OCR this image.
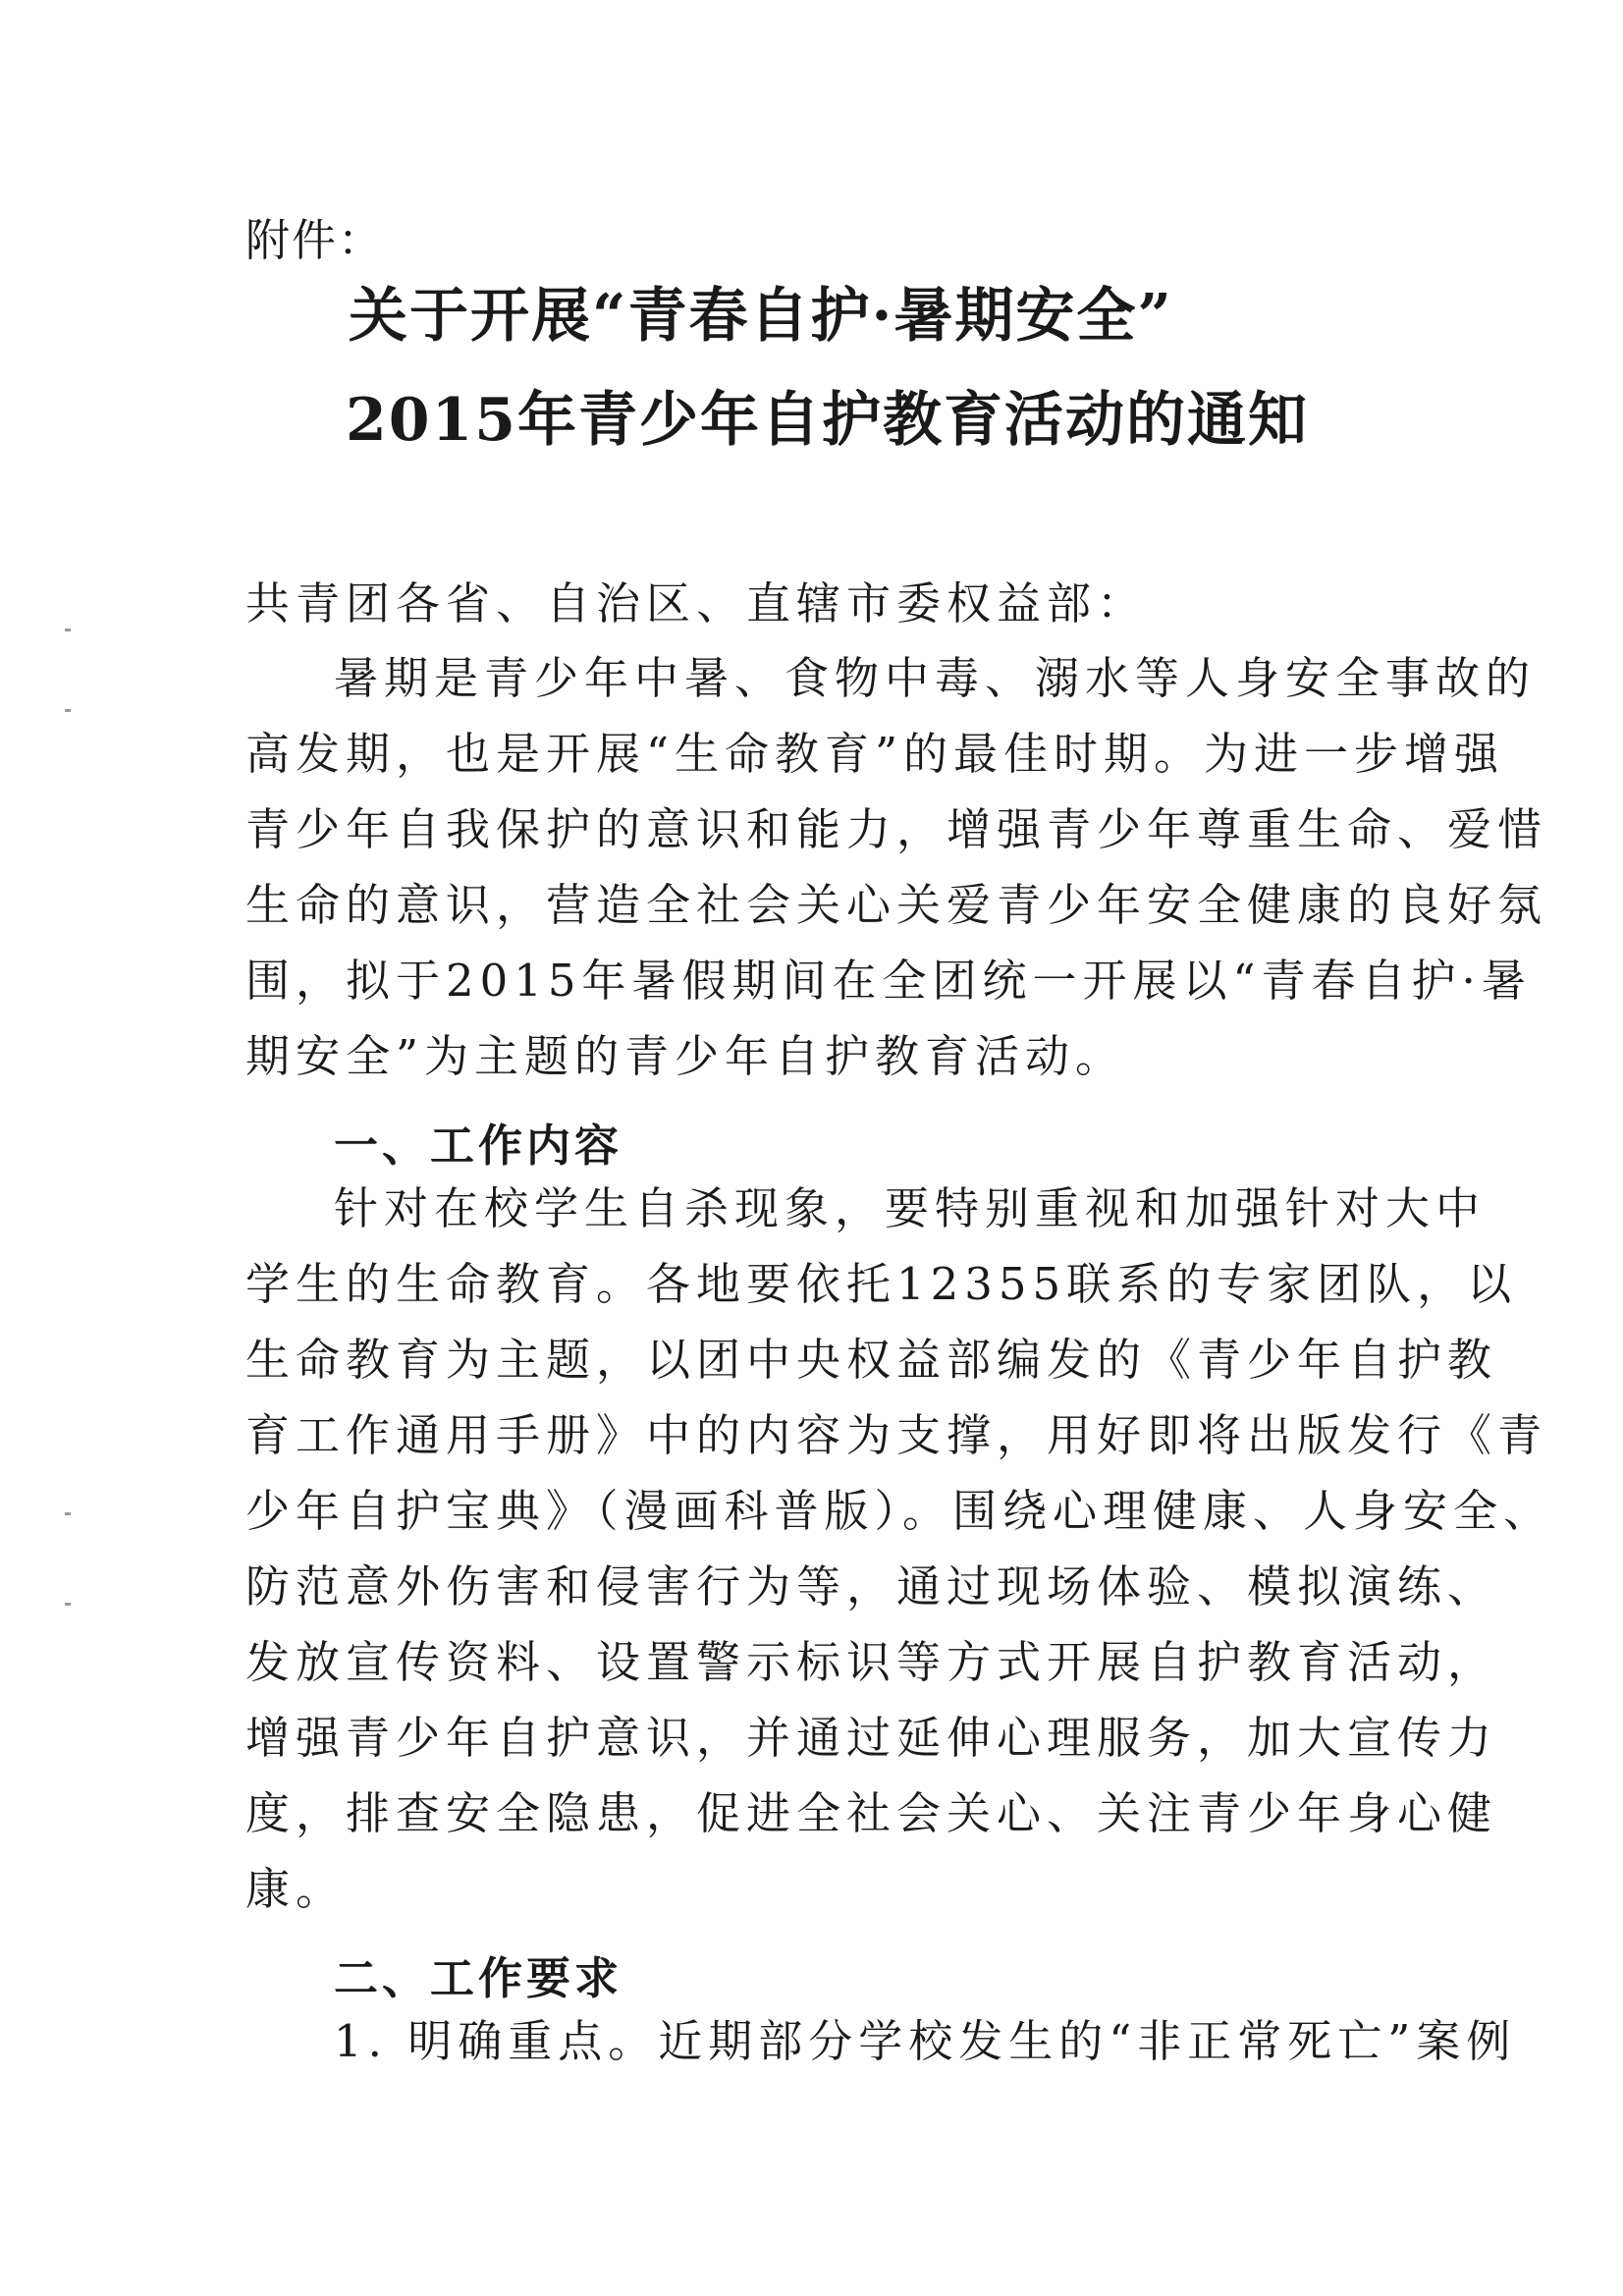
附件：

关于开展“青春自护·暑期安全”
2015年青少年自护教育活动的通知

共青团各省、自治区、直辖市委权益部：

暑期是青少年中暑、食物中毒、溺水等人身安全事故的

高发期，也是开展“生命教育”的最佳时期。为进一步增强

青少年自我保护的意识和能力，增强青少年尊重生命、爱惜

生命的意识，营造全社会关心关爱青少年安全健康的良好氛

围，拟于2015年暑假期间在全团统一开展以“青春自护·暑

期安全”为主题的青少年自护教育活动。

一、工作内容

针对在校学生自杀现象，要特别重视和加强针对大中

学生的生命教育。各地要依托12355联系的专家团队，以

生命教育为主题，以团中央权益部编发的《青少年自护教

育工作通用手册》中的内容为支撑，用好即将出版发行《青

少年自护宝典》（漫画科普版）。围绕心理健康、人身安全、

防范意外伤害和侵害行为等，通过现场体验、模拟演练、

发放宣传资料、设置警示标识等方式开展自护教育活动，

增强青少年自护意识，并通过延伸心理服务，加大宣传力

度，排查安全隐患，促进全社会关心、关注青少年身心健

康。

二、工作要求

1. 明确重点。近期部分学校发生的“非正常死亡”案例
